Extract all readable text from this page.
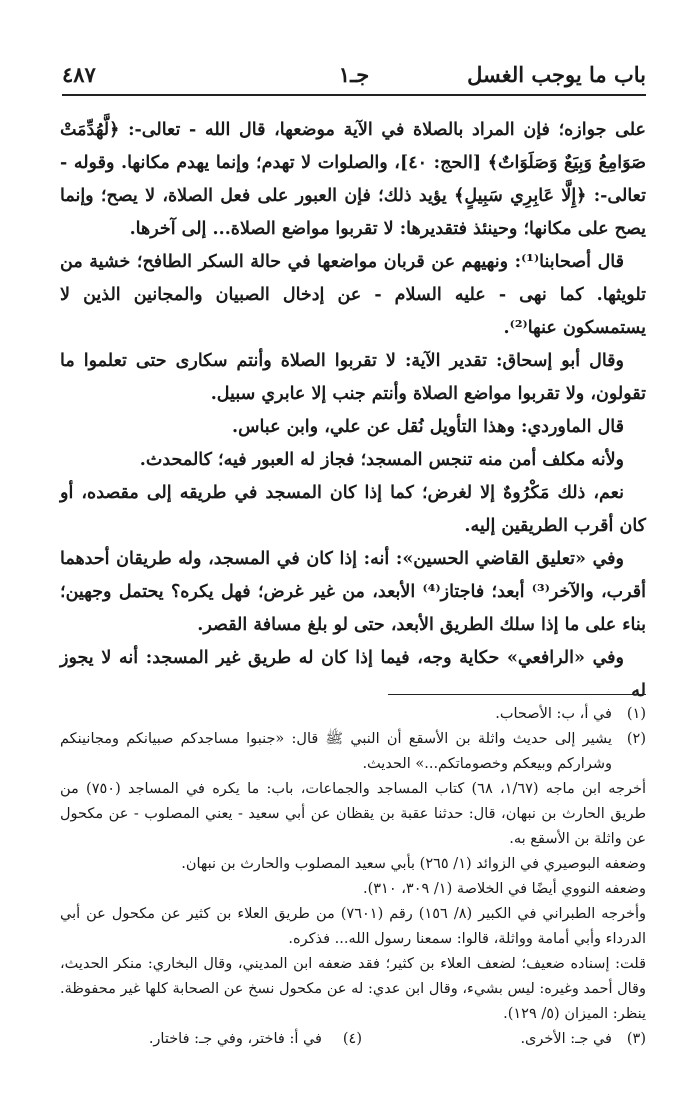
باب ما يوجب الغسل
جـ١
٤٨٧

على جوازه؛ فإن المراد بالصلاة في الآية موضعها، قال الله - تعالى-: ﴿لَّهُدِّمَتْ صَوَامِعُ وَبِيَعٌ وَصَلَوَاتٌ﴾ [الحج: ٤٠]، والصلوات لا تهدم؛ وإنما يهدم مكانها. وقوله - تعالى-: ﴿إِلَّا عَابِرِي سَبِيلٍ﴾ يؤيد ذلك؛ فإن العبور على فعل الصلاة، لا يصح؛ وإنما يصح على مكانها؛ وحينئذ فتقديرها: لا تقربوا مواضع الصلاة... إلى آخرها.

قال أصحابنا⁽¹⁾: ونهيهم عن قربان مواضعها في حالة السكر الطافح؛ خشية من تلويثها. كما نهى - عليه السلام - عن إدخال الصبيان والمجانين الذين لا يستمسكون عنها⁽²⁾.

وقال أبو إسحاق: تقدير الآية: لا تقربوا الصلاة وأنتم سكارى حتى تعلموا ما تقولون، ولا تقربوا مواضع الصلاة وأنتم جنب إلا عابري سبيل.

قال الماوردي: وهذا التأويل نُقل عن علي، وابن عباس.

ولأنه مكلف أمن منه تنجس المسجد؛ فجاز له العبور فيه؛ كالمحدث.

نعم، ذلك مَكْرُوهٌ إلا لغرض؛ كما إذا كان المسجد في طريقه إلى مقصده، أو كان أقرب الطريقين إليه.

وفي «تعليق القاضي الحسين»: أنه: إذا كان في المسجد، وله طريقان أحدهما أقرب، والآخر⁽³⁾ أبعد؛ فاجتاز⁽⁴⁾ الأبعد، من غير غرض؛ فهل يكره؟ يحتمل وجهين؛ بناء على ما إذا سلك الطريق الأبعد، حتى لو بلغ مسافة القصر.

وفي «الرافعي» حكاية وجه، فيما إذا كان له طريق غير المسجد: أنه لا يجوز له

(١)
في أ، ب: الأصحاب.
(٢)
يشير إلى حديث واثلة بن الأسقع أن النبي ﷺ قال: «جنبوا مساجدكم صبيانكم ومجانينكم وشراركم وبيعكم وخصوماتكم...» الحديث.
أخرجه ابن ماجه (١/٦٧، ٦٨) كتاب المساجد والجماعات، باب: ما يكره في المساجد (٧٥٠) من طريق الحارث بن نبهان، قال: حدثنا عقبة بن يقظان عن أبي سعيد - يعني المصلوب - عن مكحول عن واثلة بن الأسقع به.
وضعفه البوصيري في الزوائد (١/ ٢٦٥) بأبي سعيد المصلوب والحارث بن نبهان.
وضعفه النووي أيضًا في الخلاصة (١/ ٣٠٩، ٣١٠).
وأخرجه الطبراني في الكبير (٨/ ١٥٦) رقم (٧٦٠١) من طريق العلاء بن كثير عن مكحول عن أبي الدرداء وأبي أمامة وواثلة، قالوا: سمعنا رسول الله... فذكره.
قلت: إسناده ضعيف؛ لضعف العلاء بن كثير؛ فقد ضعفه ابن المديني، وقال البخاري: منكر الحديث، وقال أحمد وغيره: ليس بشيء، وقال ابن عدي: له عن مكحول نسخ عن الصحابة كلها غير محفوظة. ينظر: الميزان (٥/ ١٢٩).
(٣)
في جـ: الأخرى.
(٤)
في أ: فاختر، وفي جـ: فاختار.
